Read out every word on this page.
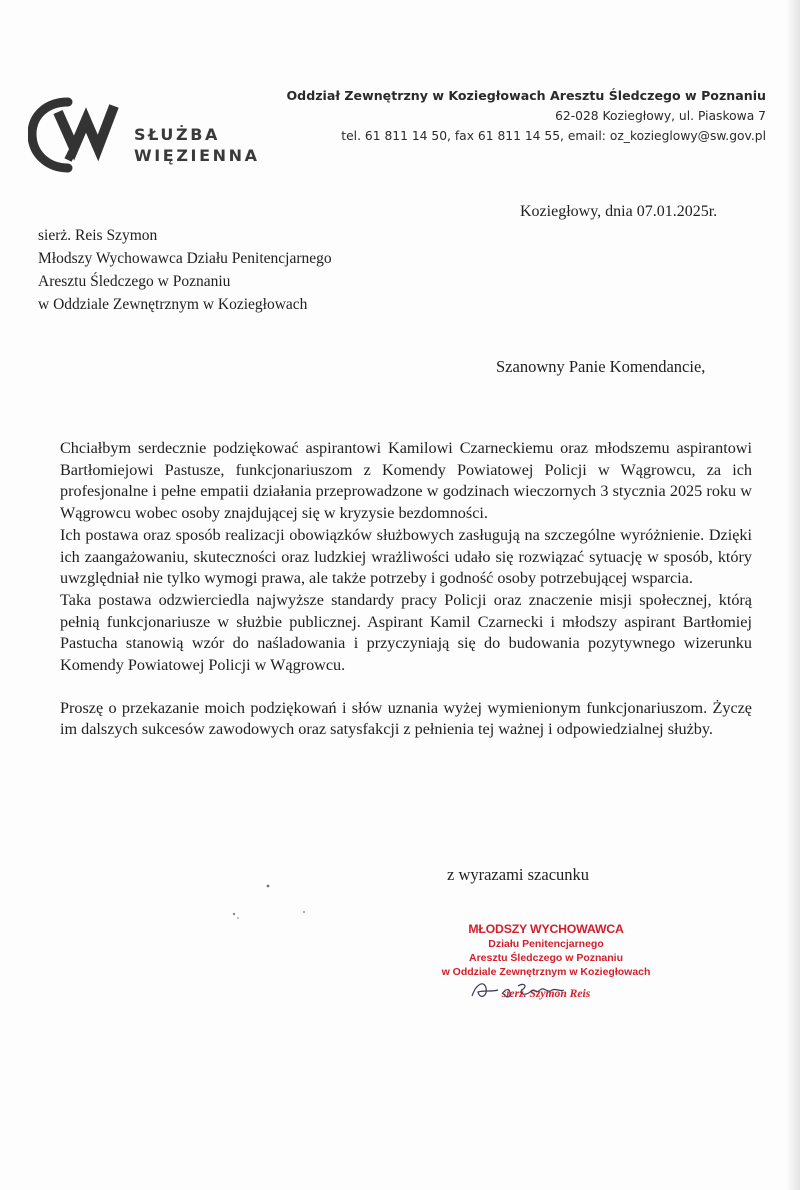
SŁUŻBA
WIĘZIENNA
Oddział Zewnętrzny w Koziegłowach Aresztu Śledczego w Poznaniu
62-028 Koziegłowy, ul. Piaskowa 7
tel. 61 811 14 50, fax 61 811 14 55, email: oz_kozieglowy@sw.gov.pl
Koziegłowy, dnia 07.01.2025r.
sierż. Reis Szymon
Młodszy Wychowawca Działu Penitencjarnego
Aresztu Śledczego w Poznaniu
w Oddziale Zewnętrznym w Koziegłowach
Szanowny Panie Komendancie,

Chciałbym serdecznie podziękować aspirantowi Kamilowi Czarneckiemu oraz młodszemu aspirantowi Bartłomiejowi Pastusze, funkcjonariuszom z Komendy Powiatowej Policji w Wągrowcu, za ich profesjonalne i pełne empatii działania przeprowadzone w godzinach wieczornych 3 stycznia 2025 roku w Wągrowcu wobec osoby znajdującej się w kryzysie bezdomności.

Ich postawa oraz sposób realizacji obowiązków służbowych zasługują na szczególne wyróżnienie. Dzięki ich zaangażowaniu, skuteczności oraz ludzkiej wrażliwości udało się rozwiązać sytuację w sposób, który uwzględniał nie tylko wymogi prawa, ale także potrzeby i godność osoby potrzebującej wsparcia.

Taka postawa odzwierciedla najwyższe standardy pracy Policji oraz znaczenie misji społecznej, którą pełnią funkcjonariusze w służbie publicznej. Aspirant Kamil Czarnecki i młodszy aspirant Bartłomiej Pastucha stanowią wzór do naśladowania i przyczyniają się do budowania pozytywnego wizerunku Komendy Powiatowej Policji w Wągrowcu.

Proszę o przekazanie moich podziękowań i słów uznania wyżej wymienionym funkcjonariuszom. Życzę im dalszych sukcesów zawodowych oraz satysfakcji z pełnienia tej ważnej i odpowiedzialnej służby.

z wyrazami szacunku
MŁODSZY WYCHOWAWCA
Działu Penitencjarnego
Aresztu Śledczego w Poznaniu
w Oddziale Zewnętrznym w Koziegłowach
sierż. Szymon Reis
